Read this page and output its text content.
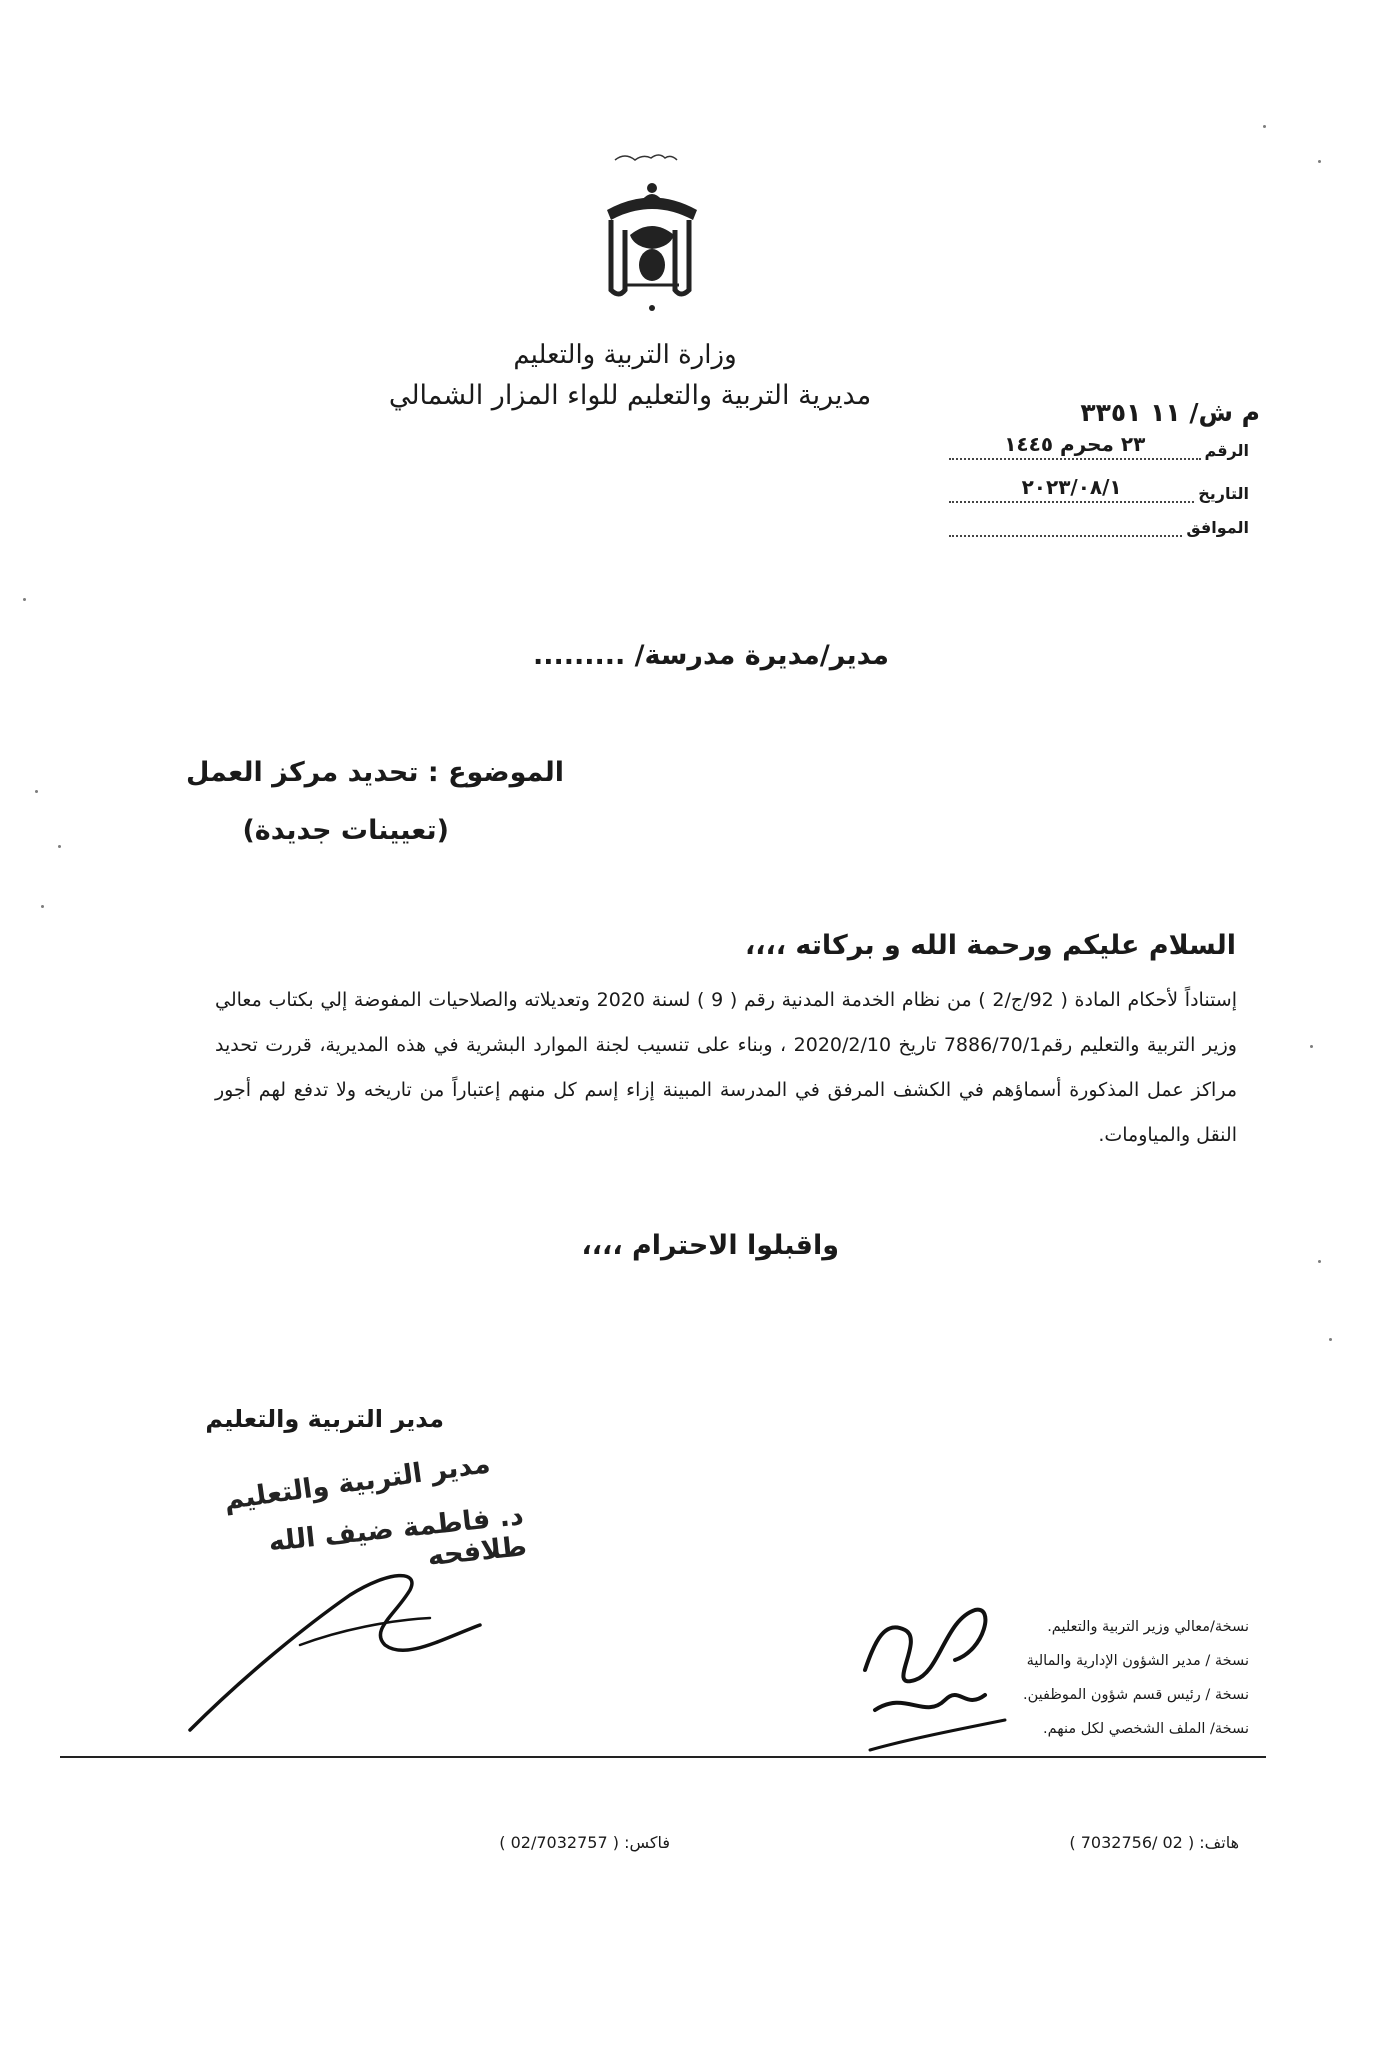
وزارة التربية والتعليم
مديرية التربية والتعليم للواء المزار الشمالي
م ش/ ١١ ٣٣٥١
الرقم
٢٣ محرم ١٤٤٥
التاريخ
٢٠٢٣/٠٨/١
الموافق
مدير/مديرة مدرسة/ .........
الموضوع : تحديد مركز العمل
(تعيينات جديدة)
السلام عليكم ورحمة الله و بركاته ،،،،
إستناداً لأحكام المادة ( 92/ج/2 ) من نظام الخدمة المدنية رقم ( 9 ) لسنة 2020 وتعديلاته والصلاحيات المفوضة إلي بكتاب معالي وزير التربية والتعليم رقم7886/70/1 تاريخ 2020/2/10 ، وبناء على تنسيب لجنة الموارد البشرية في هذه المديرية، قررت تحديد مراكز عمل المذكورة أسماؤهم في الكشف المرفق في المدرسة المبينة إزاء إسم كل منهم إعتباراً من تاريخه ولا تدفع لهم أجور النقل والمياومات.
واقبلوا الاحترام ،،،،
مدير التربية والتعليم
مدير التربية والتعليم
د. فاطمة ضيف الله طلافحه
نسخة/معالي وزير التربية والتعليم.
نسخة / مدير الشؤون الإدارية والمالية
نسخة / رئيس قسم شؤون الموظفين.
نسخة/ الملف الشخصي لكل منهم.
هاتف: ( 02 /7032756 )
فاكس: ( 02/7032757 )
